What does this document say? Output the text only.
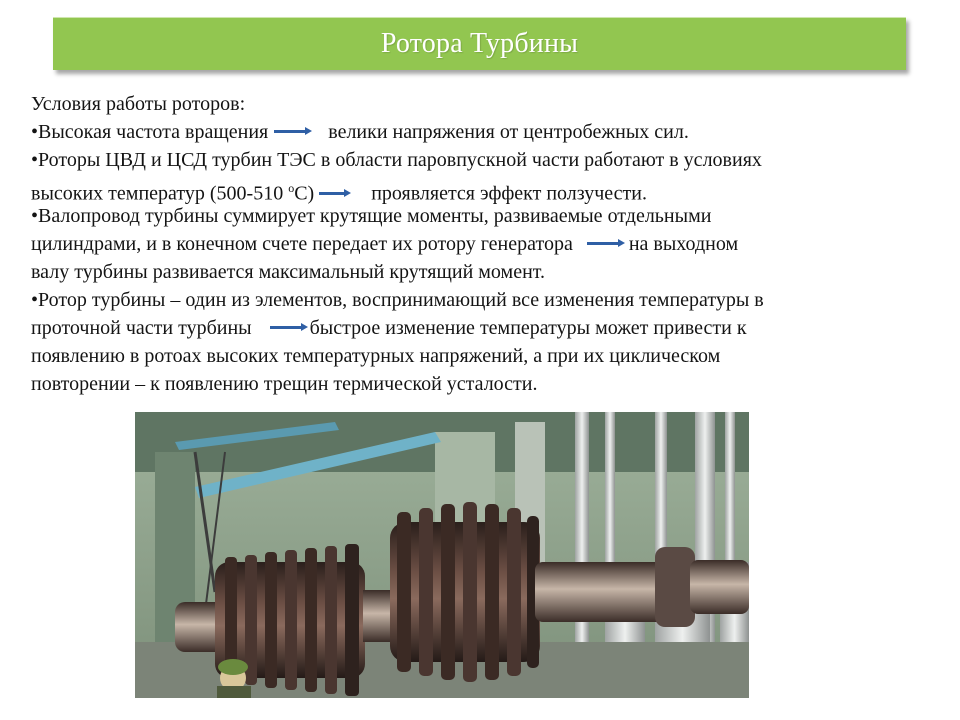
Ротора Турбины
Условия работы роторов:
•Высокая частота вращения	велики напряжения от центробежных сил.
•Роторы ЦВД и ЦСД турбин ТЭС в области паровпускной части работают в условиях
высоких температур (500-510 $^о$С)	проявляется эффект ползучести.
•Валопровод турбины суммирует крутящие моменты, развиваемые отдельными
цилиндрами, и в конечном счете передает их ротору генератора	на выходном
валу турбины развивается максимальный крутящий момент.
•Ротор турбины – один из элементов, воспринимающий все изменения температуры в
проточной части турбины	быстрое изменение температуры может привести к
появлению в ротоах высоких температурных напряжений, а при их циклическом
повторении – к появлению трещин термической усталости.
